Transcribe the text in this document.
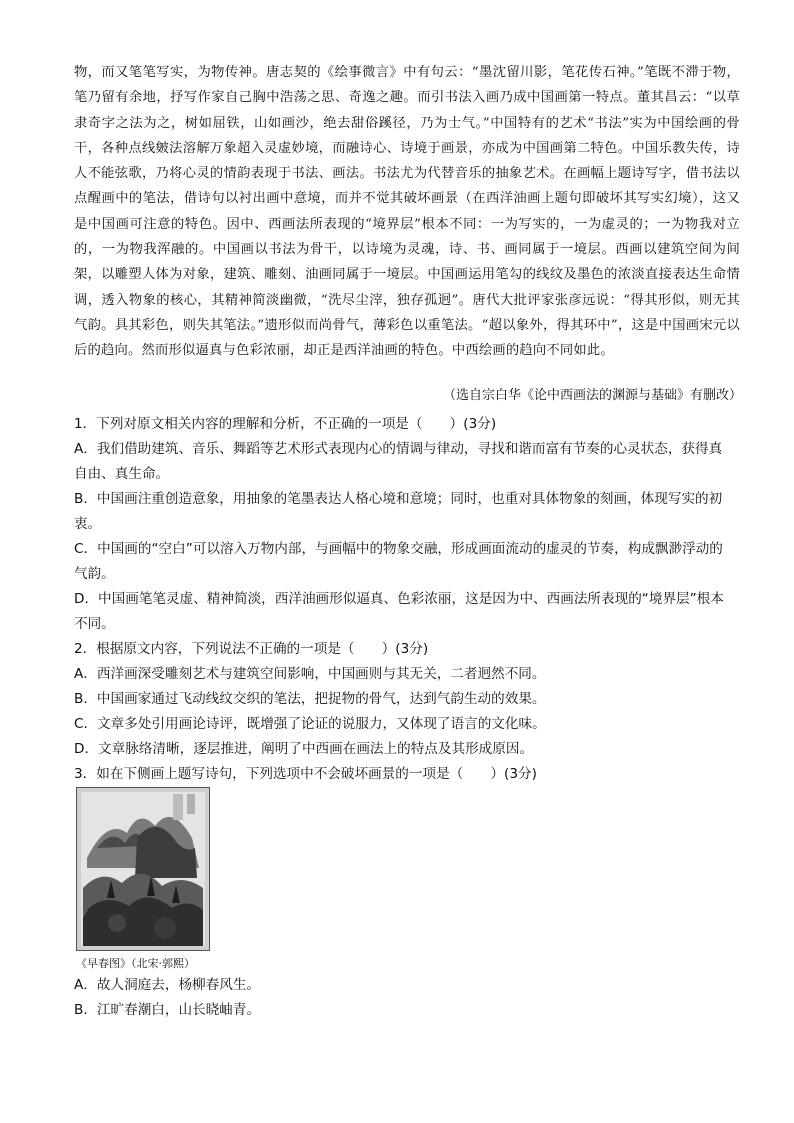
物，而又笔笔写实，为物传神。唐志契的《绘事微言》中有句云：“墨沈留川影，笔花传石神。”笔既不滞于物，笔乃留有余地，抒写作家自己胸中浩荡之思、奇逸之趣。而引书法入画乃成中国画第一特点。董其昌云：“以草隶奇字之法为之，树如屈铁，山如画沙，绝去甜俗蹊径，乃为士气。”中国特有的艺术“书法”实为中国绘画的骨干，各种点线皴法溶解万象超入灵虚妙境，而融诗心、诗境于画景，亦成为中国画第二特色。中国乐教失传，诗人不能弦歌，乃将心灵的情韵表现于书法、画法。书法尤为代替音乐的抽象艺术。在画幅上题诗写字，借书法以点醒画中的笔法，借诗句以衬出画中意境，而并不觉其破坏画景（在西洋油画上题句即破坏其写实幻境），这又是中国画可注意的特色。因中、西画法所表现的“境界层”根本不同：一为写实的，一为虚灵的；一为物我对立的，一为物我浑融的。中国画以书法为骨干，以诗境为灵魂，诗、书、画同属于一境层。西画以建筑空间为间架，以雕塑人体为对象，建筑、雕刻、油画同属于一境层。中国画运用笔勾的线纹及墨色的浓淡直接表达生命情调，透入物象的核心，其精神简淡幽微，“洗尽尘滓，独存孤迥”。唐代大批评家张彦远说：“得其形似，则无其气韵。具其彩色，则失其笔法。”遗形似而尚骨气，薄彩色以重笔法。“超以象外，得其环中”，这是中国画宋元以后的趋向。然而形似逼真与色彩浓丽，却正是西洋油画的特色。中西绘画的趋向不同如此。
（选自宗白华《论中西画法的渊源与基础》有删改）

1．下列对原文相关内容的理解和分析，不正确的一项是（　　）(3分)

A．我们借助建筑、音乐、舞蹈等艺术形式表现内心的情调与律动，寻找和谐而富有节奏的心灵状态，获得真自由、真生命。

B．中国画注重创造意象，用抽象的笔墨表达人格心境和意境；同时，也重对具体物象的刻画，体现写实的初衷。

C．中国画的“空白”可以溶入万物内部，与画幅中的物象交融，形成画面流动的虚灵的节奏，构成飘渺浮动的气韵。

D．中国画笔笔灵虚、精神简淡，西洋油画形似逼真、色彩浓丽，这是因为中、西画法所表现的“境界层”根本不同。

2．根据原文内容，下列说法不正确的一项是（　　）(3分)

A．西洋画深受雕刻艺术与建筑空间影响，中国画则与其无关，二者迥然不同。

B．中国画家通过飞动线纹交织的笔法，把捉物的骨气，达到气韵生动的效果。

C．文章多处引用画论诗评，既增强了论证的说服力，又体现了语言的文化味。

D．文章脉络清晰，逐层推进，阐明了中西画在画法上的特点及其形成原因。

3．如在下侧画上题写诗句，下列选项中不会破坏画景的一项是（　　）(3分)

《早春图》（北宋·郭熙）

A．故人洞庭去，杨柳春风生。

B．江旷春潮白，山长晓岫青。
